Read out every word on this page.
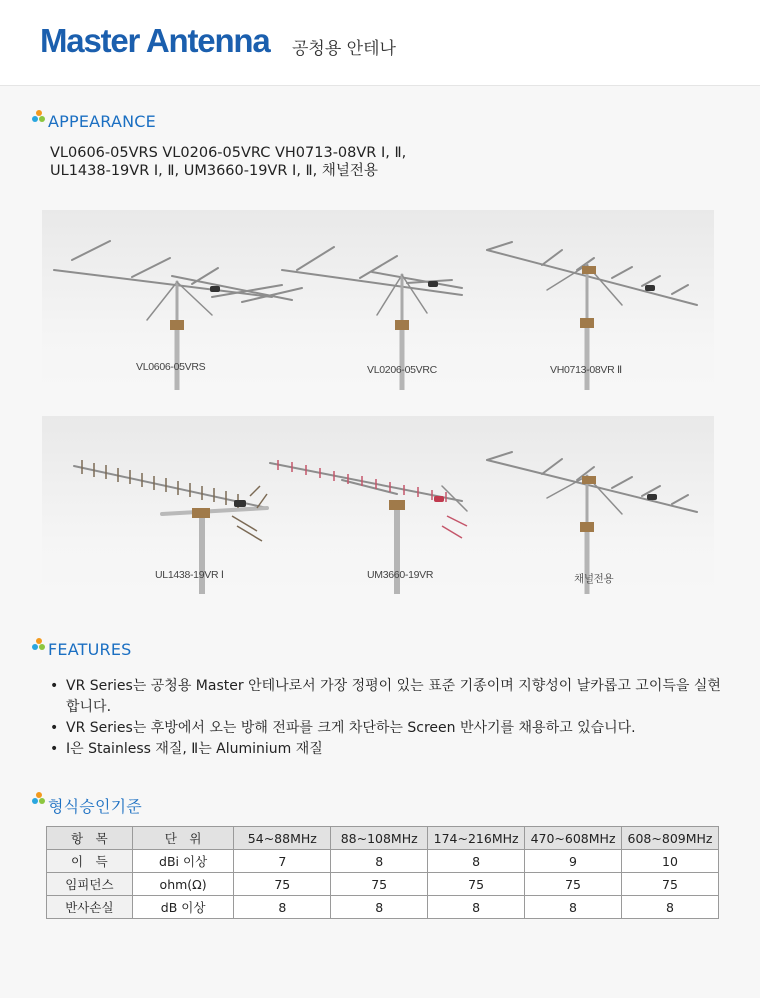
Master Antenna 공청용 안테나
APPEARANCE
VL0606-05VRS VL0206-05VRC VH0713-08VR Ⅰ, Ⅱ,
UL1438-19VR Ⅰ, Ⅱ, UM3660-19VR Ⅰ, Ⅱ, 채널전용
VL0606-05VRS	VL0206-05VRC	VH0713-08VR Ⅱ
UL1438-19VR Ⅰ	UM3660-19VR	채널전용
FEATURES
• VR Series는 공청용 Master 안테나로서 가장 정평이 있는 표준 기종이며 지향성이 날카롭고 고이득을 실현합니다.
• VR Series는 후방에서 오는 방해 전파를 크게 차단하는 Screen 반사기를 채용하고 있습니다.
• Ⅰ은 Stainless 재질, Ⅱ는 Aluminium 재질
형식승인기준
항　목	단　위	54~88MHz	88~108MHz	174~216MHz	470~608MHz	608~809MHz
이　득	dBi 이상	7	8	8	9	10
임피던스	ohm(Ω)	75	75	75	75	75
반사손실	dB 이상	8	8	8	8	8
